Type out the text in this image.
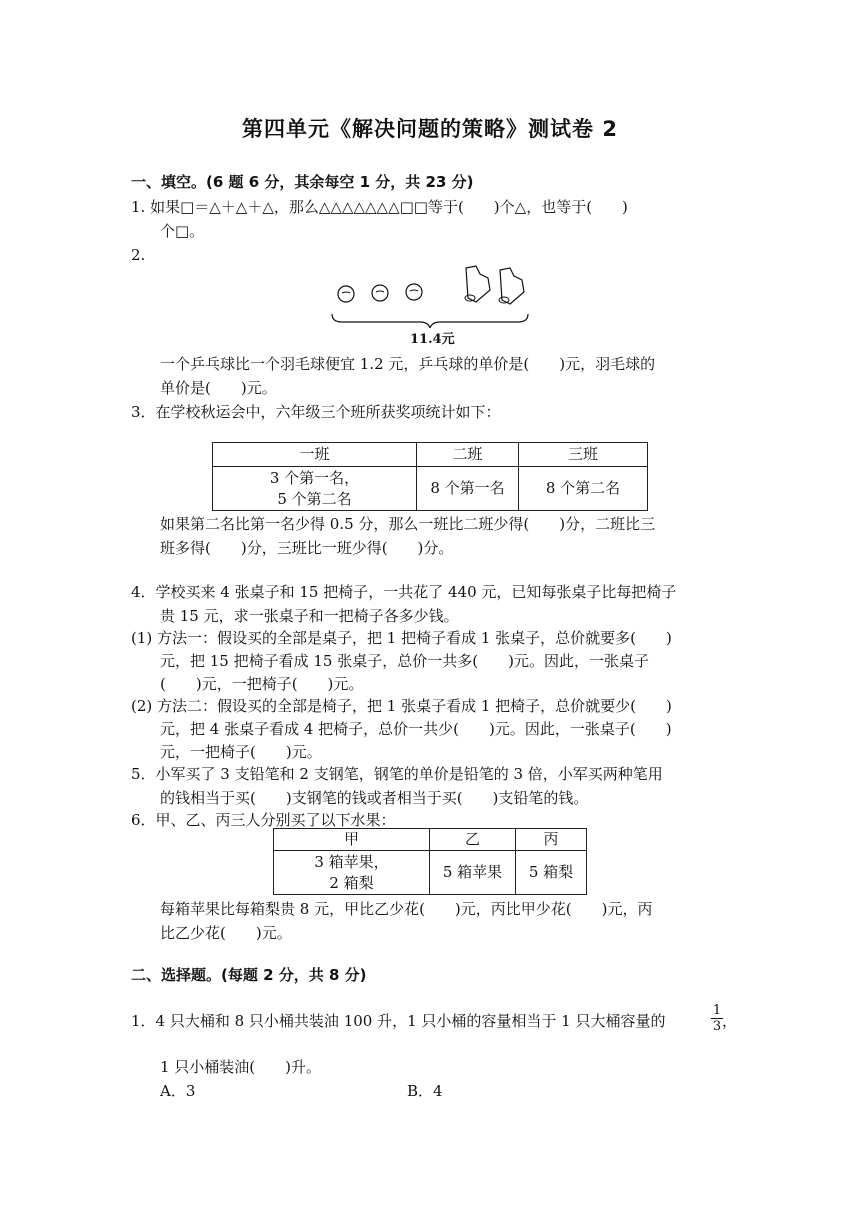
第四单元《解决问题的策略》测试卷 2
一、填空。(6 题 6 分，其余每空 1 分，共 23 分)
1. 如果□＝△＋△＋△，那么△△△△△△△□□等于(　　)个△，也等于(　　)
个□。
2.
11.4元
一个乒乓球比一个羽毛球便宜 1.2 元，乒乓球的单价是(　　)元，羽毛球的
单价是(　　)元。
3．在学校秋运会中，六年级三个班所获奖项统计如下：
一班	二班	三班

3 个第一名，
5 个第二名	8 个第一名	8 个第二名
如果第二名比第一名少得 0.5 分，那么一班比二班少得(　　)分，二班比三
班多得(　　)分，三班比一班少得(　　)分。
4．学校买来 4 张桌子和 15 把椅子，一共花了 440 元，已知每张桌子比每把椅子
贵 15 元，求一张桌子和一把椅子各多少钱。
(1) 方法一：假设买的全部是桌子，把 1 把椅子看成 1 张桌子，总价就要多(　　)
元，把 15 把椅子看成 15 张桌子，总价一共多(　　)元。因此，一张桌子
(　　)元，一把椅子(　　)元。
(2) 方法二：假设买的全部是椅子，把 1 张桌子看成 1 把椅子，总价就要少(　　)
元，把 4 张桌子看成 4 把椅子，总价一共少(　　)元。因此，一张桌子(　　)
元，一把椅子(　　)元。
5．小军买了 3 支铅笔和 2 支钢笔，钢笔的单价是铅笔的 3 倍，小军买两种笔用
的钱相当于买(　　)支钢笔的钱或者相当于买(　　)支铅笔的钱。
6．甲、乙、丙三人分别买了以下水果：
甲	乙	丙

3 箱苹果，
2 箱梨	5 箱苹果	5 箱梨
每箱苹果比每箱梨贵 8 元，甲比乙少花(　　)元，丙比甲少花(　　)元，丙
比乙少花(　　)元。
二、选择题。(每题 2 分，共 8 分)
1．4 只大桶和 8 只小桶共装油 100 升，1 只小桶的容量相当于 1 只大桶容量的
1
3 ，
1 只小桶装油(　　)升。
A．3	B．4
